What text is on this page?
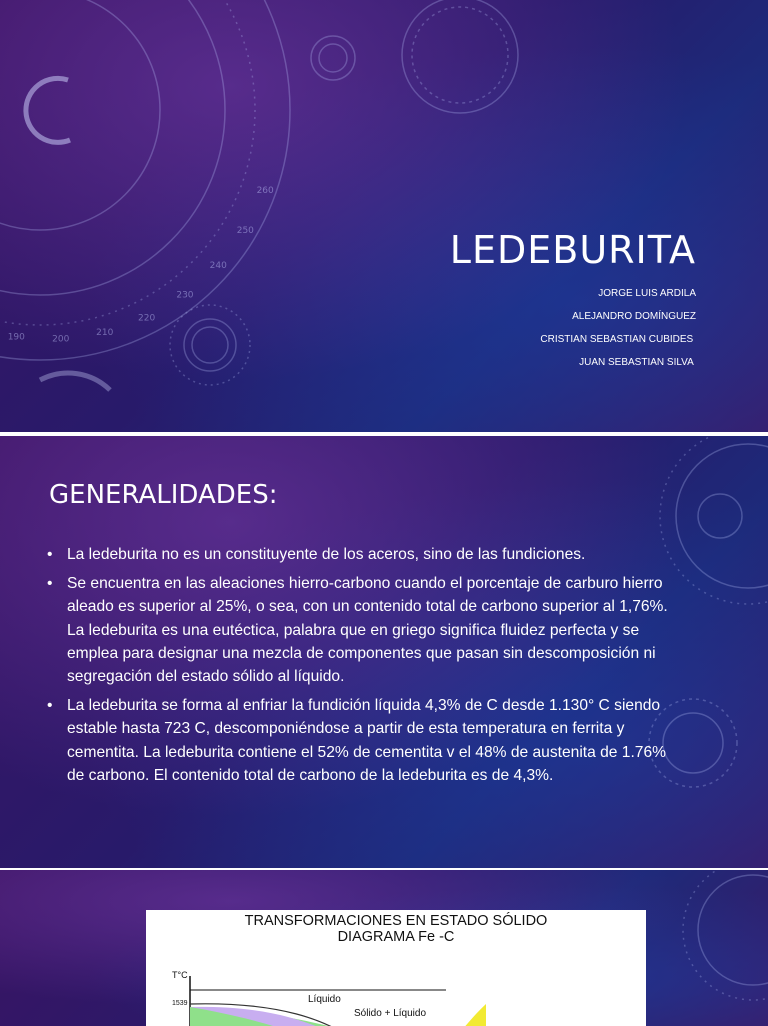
190	200
210
220
230
240
250
260
LEDEBURITA
JORGE LUIS ARDILA
ALEJANDRO DOMÍNGUEZ
CRISTIAN SEBASTIAN CUBIDES
JUAN SEBASTIAN SILVA
GENERALIDADES:
• La ledeburita no es un constituyente de los aceros, sino de las fundiciones.
• Se encuentra en las aleaciones hierro-carbono cuando el porcentaje de carburo hierro aleado es superior al 25%, o sea, con un contenido total de carbono superior al 1,76%. La ledeburita es una eutéctica, palabra que en griego significa fluidez perfecta y se emplea para designar una mezcla de componentes que pasan sin descomposición ni segregación del estado sólido al líquido.
• La ledeburita se forma al enfriar la fundición líquida 4,3% de C desde 1.130° C siendo estable hasta 723 C, descomponiéndose a partir de esta temperatura en ferrita y cementita. La ledeburita contiene el 52% de cementita v el 48% de austenita de 1.76% de carbono. El contenido total de carbono de la ledeburita es de 4,3%.
TRANSFORMACIONES EN ESTADO SÓLIDO
DIAGRAMA Fe -C
T°C
1539	Líquido
Sólido + Líquido
